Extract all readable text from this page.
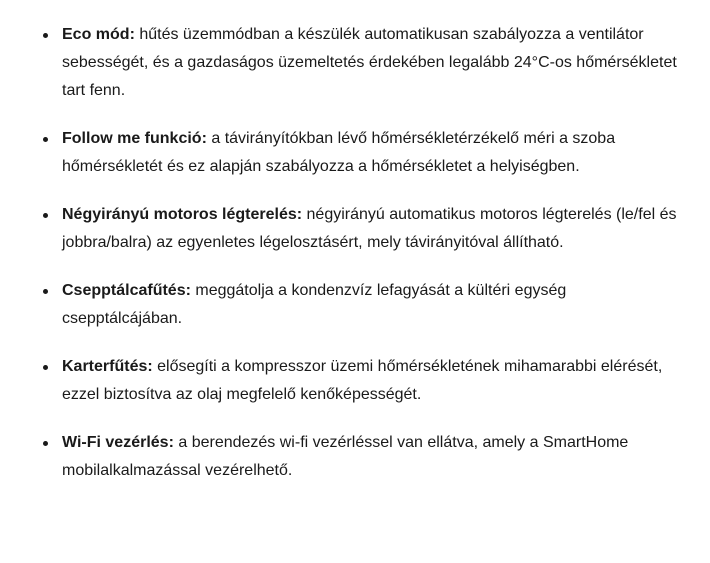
Eco mód: hűtés üzemmódban a készülék automatikusan szabályozza a ventilátor sebességét, és a gazdaságos üzemeltetés érdekében legalább 24°C-os hőmérsékletet tart fenn.
Follow me funkció: a távirányítókban lévő hőmérsékletérzékelő méri a szoba hőmérsékletét és ez alapján szabályozza a hőmérsékletet a helyiségben.
Négyirányú motoros légterelés: négyirányú automatikus motoros légterelés (le/fel és jobbra/balra) az egyenletes légelosztásért, mely távirányitóval állítható.
Csepptálcafűtés: meggátolja a kondenzvíz lefagyását a kültéri egység csepptálcájában.
Karterfűtés: elősegíti a kompresszor üzemi hőmérsékletének mihamarabbi elérését, ezzel biztosítva az olaj megfelelő kenőképességét.
Wi-Fi vezérlés: a berendezés wi-fi vezérléssel van ellátva, amely a SmartHome mobilalkalmazással vezérelhető.
